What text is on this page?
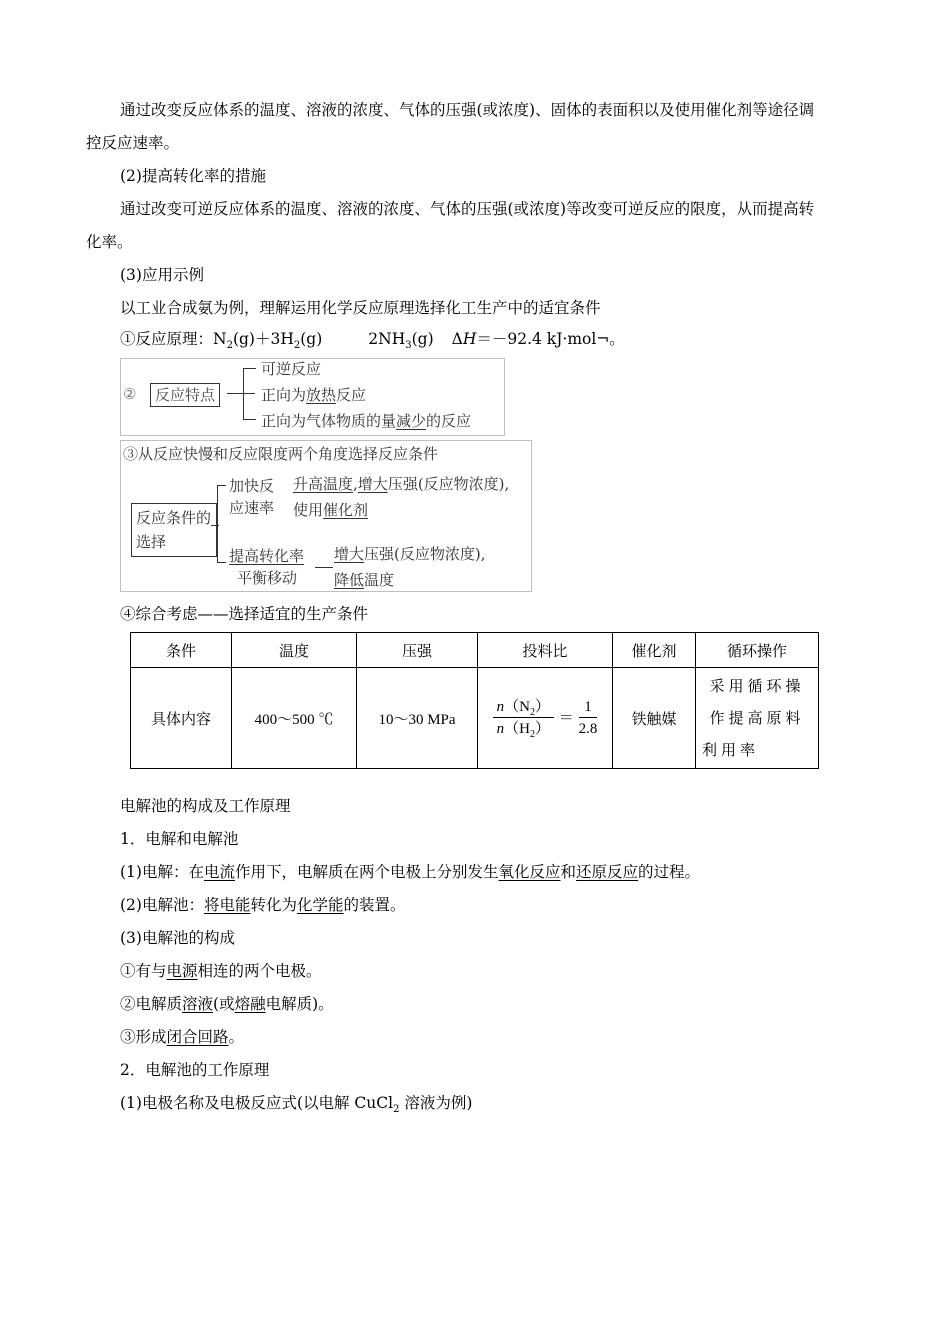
通过改变反应体系的温度、溶液的浓度、气体的压强(或浓度)、固体的表面积以及使用催化剂等途径调
控反应速率。
(2)提高转化率的措施
通过改变可逆反应体系的温度、溶液的浓度、气体的压强(或浓度)等改变可逆反应的限度，从而提高转
化率。
(3)应用示例
以工业合成氨为例，理解运用化学反应原理选择化工生产中的适宜条件
①反应原理：$N_2(g)+3H_2(g)$	$2NH_3(g)$ ΔH＝－92.4 kJ·mol¬。
②	反应特点
可逆反应
正向为放热反应
正向为气体物质的量减少的反应
③从反应快慢和反应限度两个角度选择反应条件
反应条件的选择
加快反
应速率
升高温度,增大压强(反应物浓度),
使用催化剂
提高转化率
平衡移动
增大压强(反应物浓度),
降低温度
④综合考虑——选择适宜的生产条件
条件	温度	压强	投料比	催化剂	循环操作
具体内容	400～500 ℃	10～30 MPa	$\frac{n(N_2)}{n(H_2)} = \frac{1}{2.8}$	铁触媒	采用循环操作提高原料利用率
电解池的构成及工作原理
1．电解和电解池
(1)电解：在电流作用下，电解质在两个电极上分别发生氧化反应和还原反应的过程。
(2)电解池：将电能转化为化学能的装置。
(3)电解池的构成
①有与电源相连的两个电极。
②电解质溶液(或熔融电解质)。
③形成闭合回路。
2．电解池的工作原理
(1)电极名称及电极反应式(以电解 CuCl$_2$ 溶液为例)
